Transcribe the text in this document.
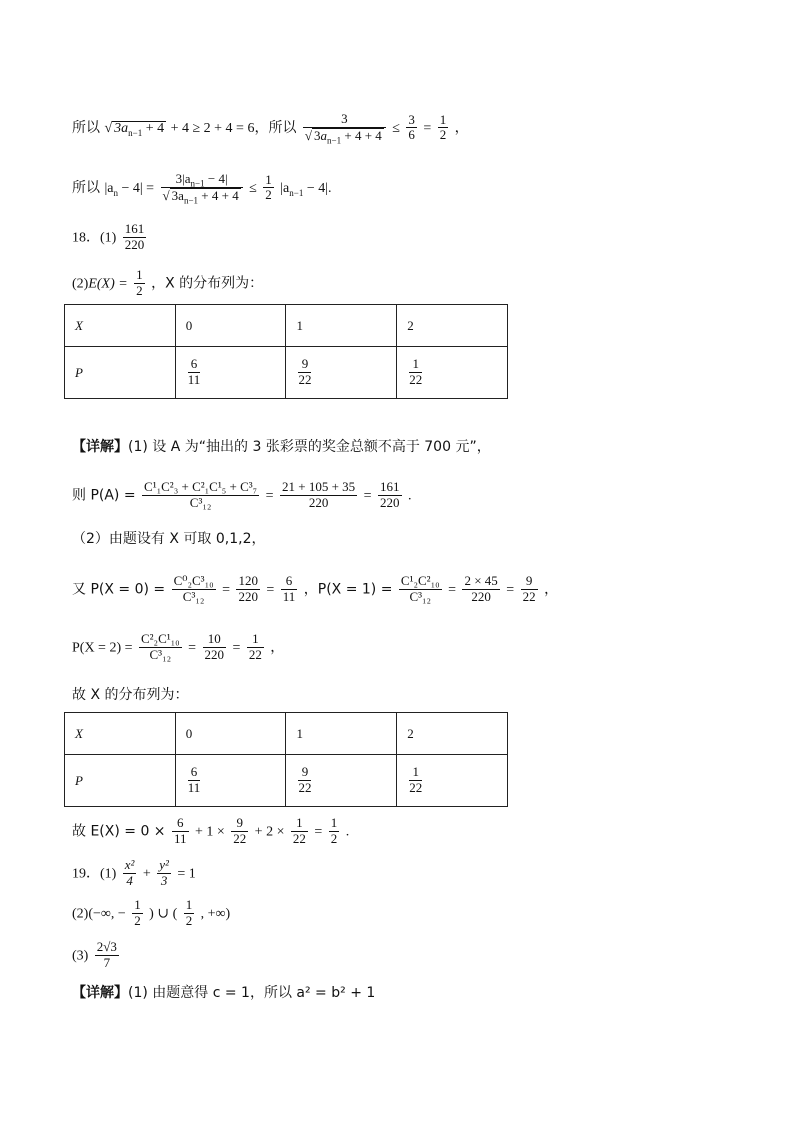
所以 √ $3a_{n-1} + 4 + 4 \ge 2 + 4 = 6$，所以 $\frac{3}{√ 3a_{n-1} + 4 + 4} \le \frac{3}{6} = \frac{1}{2}$ ，
所以 $|a_n - 4| = \frac{3|a_{n-1} - 4|}{√ 3a_{n-1} + 4 + 4} \le \frac{1}{2} |a_{n-1} - 4|$.
18．$(1) \frac{161}{220}$
$(2)E(X) = \frac{1}{2}$ ，X 的分布列为：
X	0	1	2
P	$\frac{6}{11}$	$\frac{9}{22}$	$\frac{1}{22}$
【详解】(1) 设 A 为“抽出的 3 张彩票的奖金总额不高于 700 元”，
则 $P(A) = \frac{\text{C¹₁C²₃ + C²₁C¹₅ + C³₇}}{\text{C³₁₂}} = \frac{21 + 105 + 35}{220} = \frac{161}{220}$ .
（2）由题设有 X 可取 0,1,2，
又 $P(X = 0) = \frac{\text{C⁰₂C³₁₀}}{\text{C³₁₂}} = \frac{120}{220} = \frac{6}{11}$ ，$P(X = 1) = \frac{\text{C¹₂C²₁₀}}{\text{C³₁₂}} = \frac{2 \times 45}{220} = \frac{9}{22}$ ，
$P(X = 2) = \frac{\text{C²₂C¹₁₀}}{\text{C³₁₂}} = \frac{10}{220} = \frac{1}{22}$ ，
故 X 的分布列为：
X	0	1	2
P	$\frac{6}{11}$	$\frac{9}{22}$	$\frac{1}{22}$
故 $E(X) = 0 \times \frac{6}{11} + 1 \times \frac{9}{22} + 2 \times \frac{1}{22} = \frac{1}{2}$ .
19．$(1) \frac{\text{x²}}{4} + \frac{\text{y²}}{3} = 1$
(2)(−∞, − $\frac{1}{2}$ ) ∪ ( $\frac{1}{2}$ , +∞)
$(3) \frac{2√3}{7}$
【详解】(1) 由题意得 c = 1，所以 a² = b² + 1
